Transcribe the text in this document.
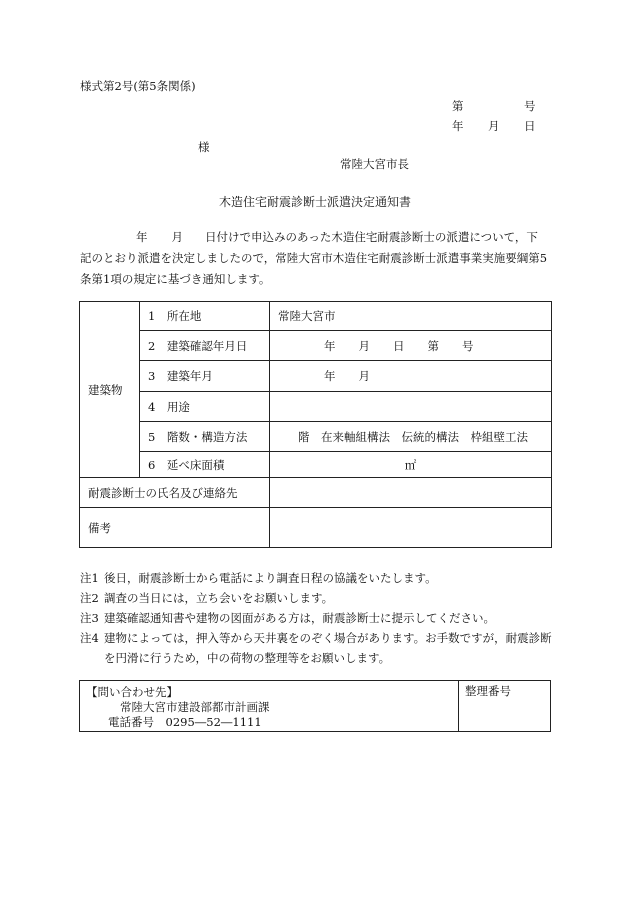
様式第2号(第5条関係)
第	号
年 月 日
様
常陸大宮市長
木造住宅耐震診断士派遣決定通知書
年 月 日付けで申込みのあった木造住宅耐震診断士の派遣について，下
記のとおり派遣を決定しましたので，常陸大宮市木造住宅耐震診断士派遣事業実施要綱第5
条第1項の規定に基づき通知します。
建築物	1　 所在地	常陸大宮市
	2　 建築確認年月日	年　　月　　日　　第　　号
	3　 建築年月	年　　月
	4　 用途	
	5　 階数・構造方法	階　在来軸組構法　伝統的構法　枠組壁工法
	6　 延べ床面積	㎡
耐震診断士の氏名及び連絡先		
備考		
注1 後日，耐震診断士から電話により調査日程の協議をいたします。
注2 調査の当日には，立ち会いをお願いします。
注3 建築確認通知書や建物の図面がある方は，耐震診断士に提示してください。
注4 建物によっては，押入等から天井裏をのぞく場合があります。お手数ですが，耐震診断を円滑に行うため，中の荷物の整理等をお願いします。
【問い合わせ先】
常陸大宮市建設部都市計画課
電話番号　0295―52―1111
整理番号
